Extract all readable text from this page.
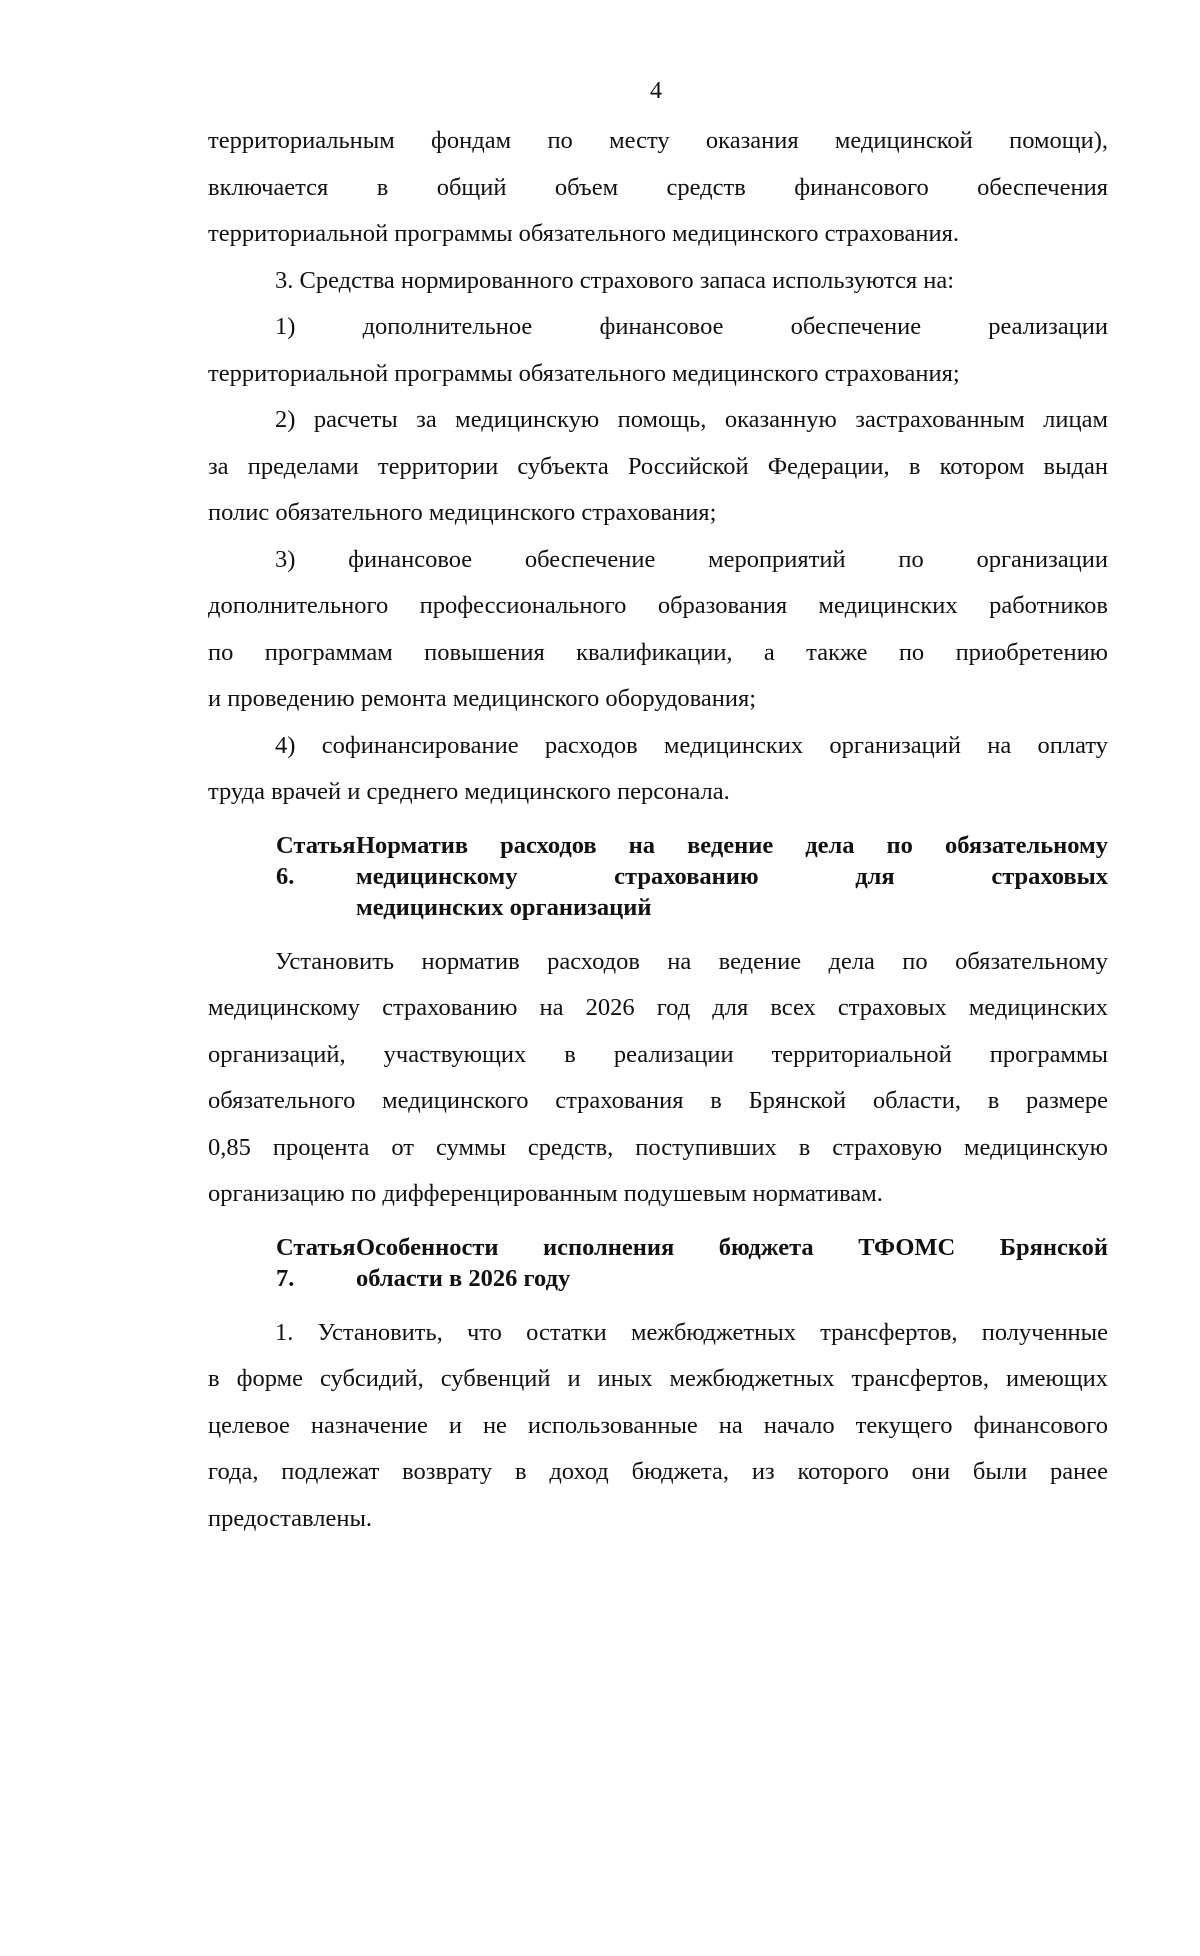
4
территориальным фондам по месту оказания медицинской помощи),
включается в общий объем средств финансового обеспечения
территориальной программы обязательного медицинского страхования.
3. Средства нормированного страхового запаса используются на:
1) дополнительное финансовое обеспечение реализации
территориальной программы обязательного медицинского страхования;
2) расчеты за медицинскую помощь, оказанную застрахованным лицам
за пределами территории субъекта Российской Федерации, в котором выдан
полис обязательного медицинского страхования;
3) финансовое обеспечение мероприятий по организации
дополнительного профессионального образования медицинских работников
по программам повышения квалификации, а также по приобретению
и проведению ремонта медицинского оборудования;
4) софинансирование расходов медицинских организаций на оплату
труда врачей и среднего медицинского персонала.
Статья 6.
Норматив расходов на ведение дела по обязательному
медицинскому страхованию для страховых
медицинских организаций
Установить норматив расходов на ведение дела по обязательному
медицинскому страхованию на 2026 год для всех страховых медицинских
организаций, участвующих в реализации территориальной программы
обязательного медицинского страхования в Брянской области, в размере
0,85 процента от суммы средств, поступивших в страховую медицинскую
организацию по дифференцированным подушевым нормативам.
Статья 7.
Особенности исполнения бюджета ТФОМС Брянской
области в 2026 году
1. Установить, что остатки межбюджетных трансфертов, полученные
в форме субсидий, субвенций и иных межбюджетных трансфертов, имеющих
целевое назначение и не использованные на начало текущего финансового
года, подлежат возврату в доход бюджета, из которого они были ранее
предоставлены.
